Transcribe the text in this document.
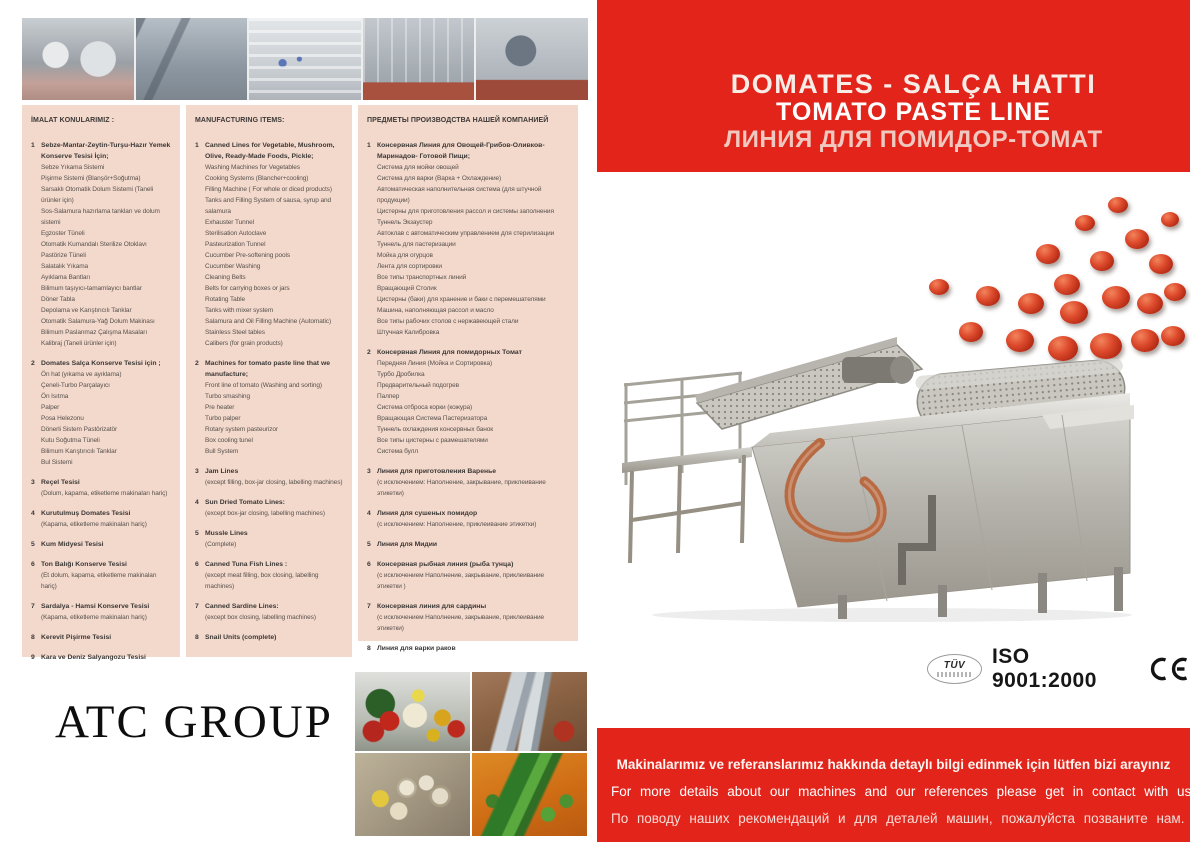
İMALAT KONULARIMIZ :
1 Sebze-Mantar-Zeytin-Turşu-Hazır Yemek Konserve Tesisi İçin;
Sebze Yıkama Sistemi
Pişirme Sistemi (Blanşör+Soğutma)
Sarsaklı Otomatik Dolum Sistemi (Taneli ürünler için)
Sos-Salamura hazırlama tankları ve dolum sistemi
Egzoster Tüneli
Otomatik Kumandalı Sterilize Otoklavı
Pastörize Tüneli
Salatalık Yıkama
Ayıklama Bantları
Bilimum taşıyıcı-tamamlayıcı bantlar
Döner Tabla
Depolama ve Karıştırıcılı Tanklar
Otomatik Salamura-Yağ Dolum Makinası
Bilimum Paslanmaz Çalışma Masaları
Kalibraj (Taneli ürünler için)
2 Domates Salça Konserve Tesisi için ;
Ön hat (yıkama ve ayıklama)
Çeneli-Turbo Parçalayıcı
Ön Isıtma
Palper
Posa Helezonu
Dönerli Sistem Pastörizatör
Kutu Soğutma Tüneli
Bilimum Karıştırıcılı Tanklar
Bul Sistemi
3 Reçel Tesisi
(Dolum, kapama, etiketleme makinaları hariç)
4 Kurutulmuş Domates Tesisi
(Kapama, etiketleme makinaları hariç)
5 Kum Midyesi Tesisi
6 Ton Balığı Konserve Tesisi
(Et dolum, kapama, etiketleme makinaları hariç)
7 Sardalya - Hamsi Konserve Tesisi
(Kapama, etiketleme makinaları hariç)
8 Kerevit Pişirme Tesisi
9 Kara ve Deniz Salyangozu Tesisi
MANUFACTURING ITEMS:
1 Canned Lines for Vegetable, Mushroom, Olive, Ready-Made Foods, Pickle;
Washing Machines for Vegetables
Cooking Systems (Blancher+cooling)
Filling Machine ( For whole or diced products)
Tanks and Filling System of sausa, syrup and salamura
Exhauster Tunnel
Sterilisation Autoclave
Pasteurization Tunnel
Cucumber Pre-softening pools
Cucumber Washing
Cleaning Belts
Belts for carrying boxes or jars
Rotating Table
Tanks with mixer system
Salamura and Oil Filling Machine (Automatic)
Stainless Steel tables
Calibers (for grain products)
2 Machines for tomato paste line that we manufacture;
Front line of tomato (Washing and sorting)
Turbo smashing
Pre heater
Turbo palper
Rotary system pasteurizor
Box cooling tunel
Bull System
3 Jam Lines
(except filling, box-jar closing, labelling machines)
4 Sun Dried Tomato Lines:
(except box-jar closing, labelling machines)
5 Mussle Lines
(Complete)
6 Canned Tuna Fish Lines :
(except meat filling, box closing, labelling machines)
7 Canned Sardine Lines:
(except box closing, labelling machines)
8 Snail Units (complete)
ПРЕДМЕТЫ ПРОИЗВОДСТВА НАШЕЙ КОМПАНИЕЙ
1 Консервная Линия для Овощей-Грибов-Оливков-Маринадов- Готовой Пищи;
Система для мойки овощей
Система для варки (Варка + Охлаждение)
Автоматическая наполнительная система (для штучной продукции)
Цистерны для приготовления рассол и системы заполнения
Туннель Экзаустер
Автоклав с автоматическим управлением для стерилизации
Туннель для пастеризации
Мойка для огурцов
Лента для сортировки
Все типы транспортных линий
Вращающий Столик
Цистерны (баки) для хранение и баки с перемешателями
Машина, наполняющая рассол и масло
Все типы рабочих столов с нержавеющей стали
Штучная Калибровка
2 Консервная Линия для помидорных Томат
Передняя Линия (Мойка и Сортировка)
Турбо Дробилка
Предварительный подогрев
Палпер
Система отброса корки (кожура)
Вращающая Система Пастеризатора
Туннель охлаждения консервных банок
Все типы цистерны с размешателями
Система булл
3 Линия для приготовления Варенье
(с исключением: Наполнение, закрывание, приклеивание этикетки)
4 Линия для сушеных помидор
(с исключением: Наполнение, приклеивание этикетки)
5 Линия для Мидии
6 Консервная рыбная линия (рыба тунца)
(с исключением Наполнение, закрывание, приклеивание этикетки )
7 Консервная линия для сардины
(с исключением Наполнение, закрывание, приклеивание этикетки)
8 Линия для варки раков
ATC GROUP
DOMATES - SALÇA HATTI
TOMATO PASTE LINE
ЛИНИЯ ДЛЯ ПОМИДОР-ТОМАТ
TÜV ISO 9001:2000
Makinalarımız ve referanslarımız hakkında detaylı bilgi edinmek için lütfen bizi arayınız
For more details about our machines and our references please get in contact with us
По поводу наших рекомендаций и для деталей машин, пожалуйста позваните нам.
